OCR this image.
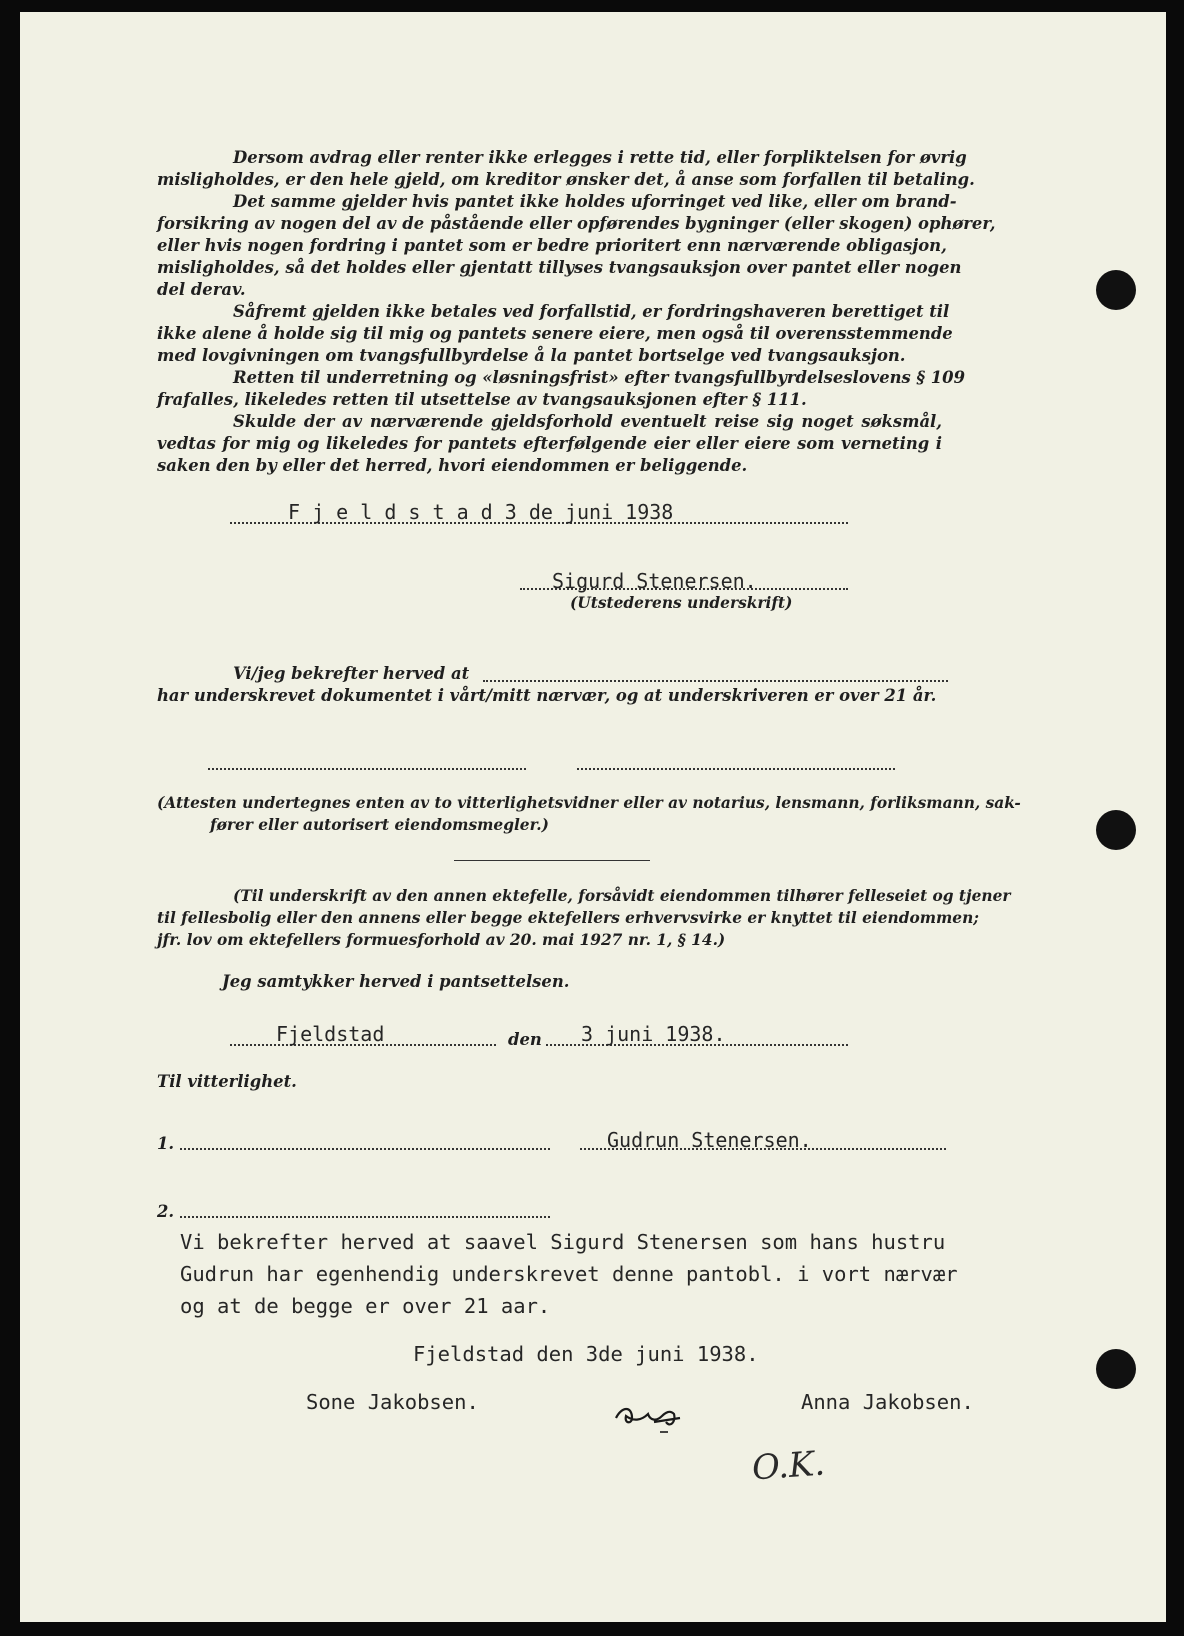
Dersom avdrag eller renter ikke erlegges i rette tid, eller forpliktelsen for øvrig
misligholdes, er den hele gjeld, om kreditor ønsker det, å anse som forfallen til betaling.
Det samme gjelder hvis pantet ikke holdes uforringet ved like, eller om brand-
forsikring av nogen del av de påstående eller opførendes bygninger (eller skogen) ophører,
eller hvis nogen fordring i pantet som er bedre prioritert enn nærværende obligasjon,
misligholdes, så det holdes eller gjentatt tillyses tvangsauksjon over pantet eller nogen
del derav.
Såfremt gjelden ikke betales ved forfallstid, er fordringshaveren berettiget til
ikke alene å holde sig til mig og pantets senere eiere, men også til overensstemmende
med lovgivningen om tvangsfullbyrdelse å la pantet bortselge ved tvangsauksjon.
Retten til underretning og «løsningsfrist» efter tvangsfullbyrdelseslovens § 109
frafalles, likeledes retten til utsettelse av tvangsauksjonen efter § 111.
Skulde der av nærværende gjeldsforhold eventuelt reise sig noget søksmål,
vedtas for mig og likeledes for pantets efterfølgende eier eller eiere som verneting i
saken den by eller det herred, hvori eiendommen er beliggende.
F j e l d s t a d 3 de juni 1938
Sigurd Stenersen.
(Utstederens underskrift)
Vi/jeg bekrefter herved at
har underskrevet dokumentet i vårt/mitt nærvær, og at underskriveren er over 21 år.
(Attesten undertegnes enten av to vitterlighetsvidner eller av notarius, lensmann, forliksmann, sak-
fører eller autorisert eiendomsmegler.)
(Til underskrift av den annen ektefelle, forsåvidt eiendommen tilhører felleseiet og tjener
til fellesbolig eller den annens eller begge ektefellers erhvervsvirke er knyttet til eiendommen;
jfr. lov om ektefellers formuesforhold av 20. mai 1927 nr. 1, § 14.)
Jeg samtykker herved i pantsettelsen.
Fjeldstad	den 3 juni 1938.
Til vitterlighet.
1.	Gudrun Stenersen.
2.
Vi bekrefter herved at saavel Sigurd Stenersen som hans hustru
Gudrun har egenhendig underskrevet denne pantobl. i vort nærvær
og at de begge er over 21 aar.
Fjeldstad den 3de juni 1938.
Sone Jakobsen.	Anna Jakobsen.
O.K.
